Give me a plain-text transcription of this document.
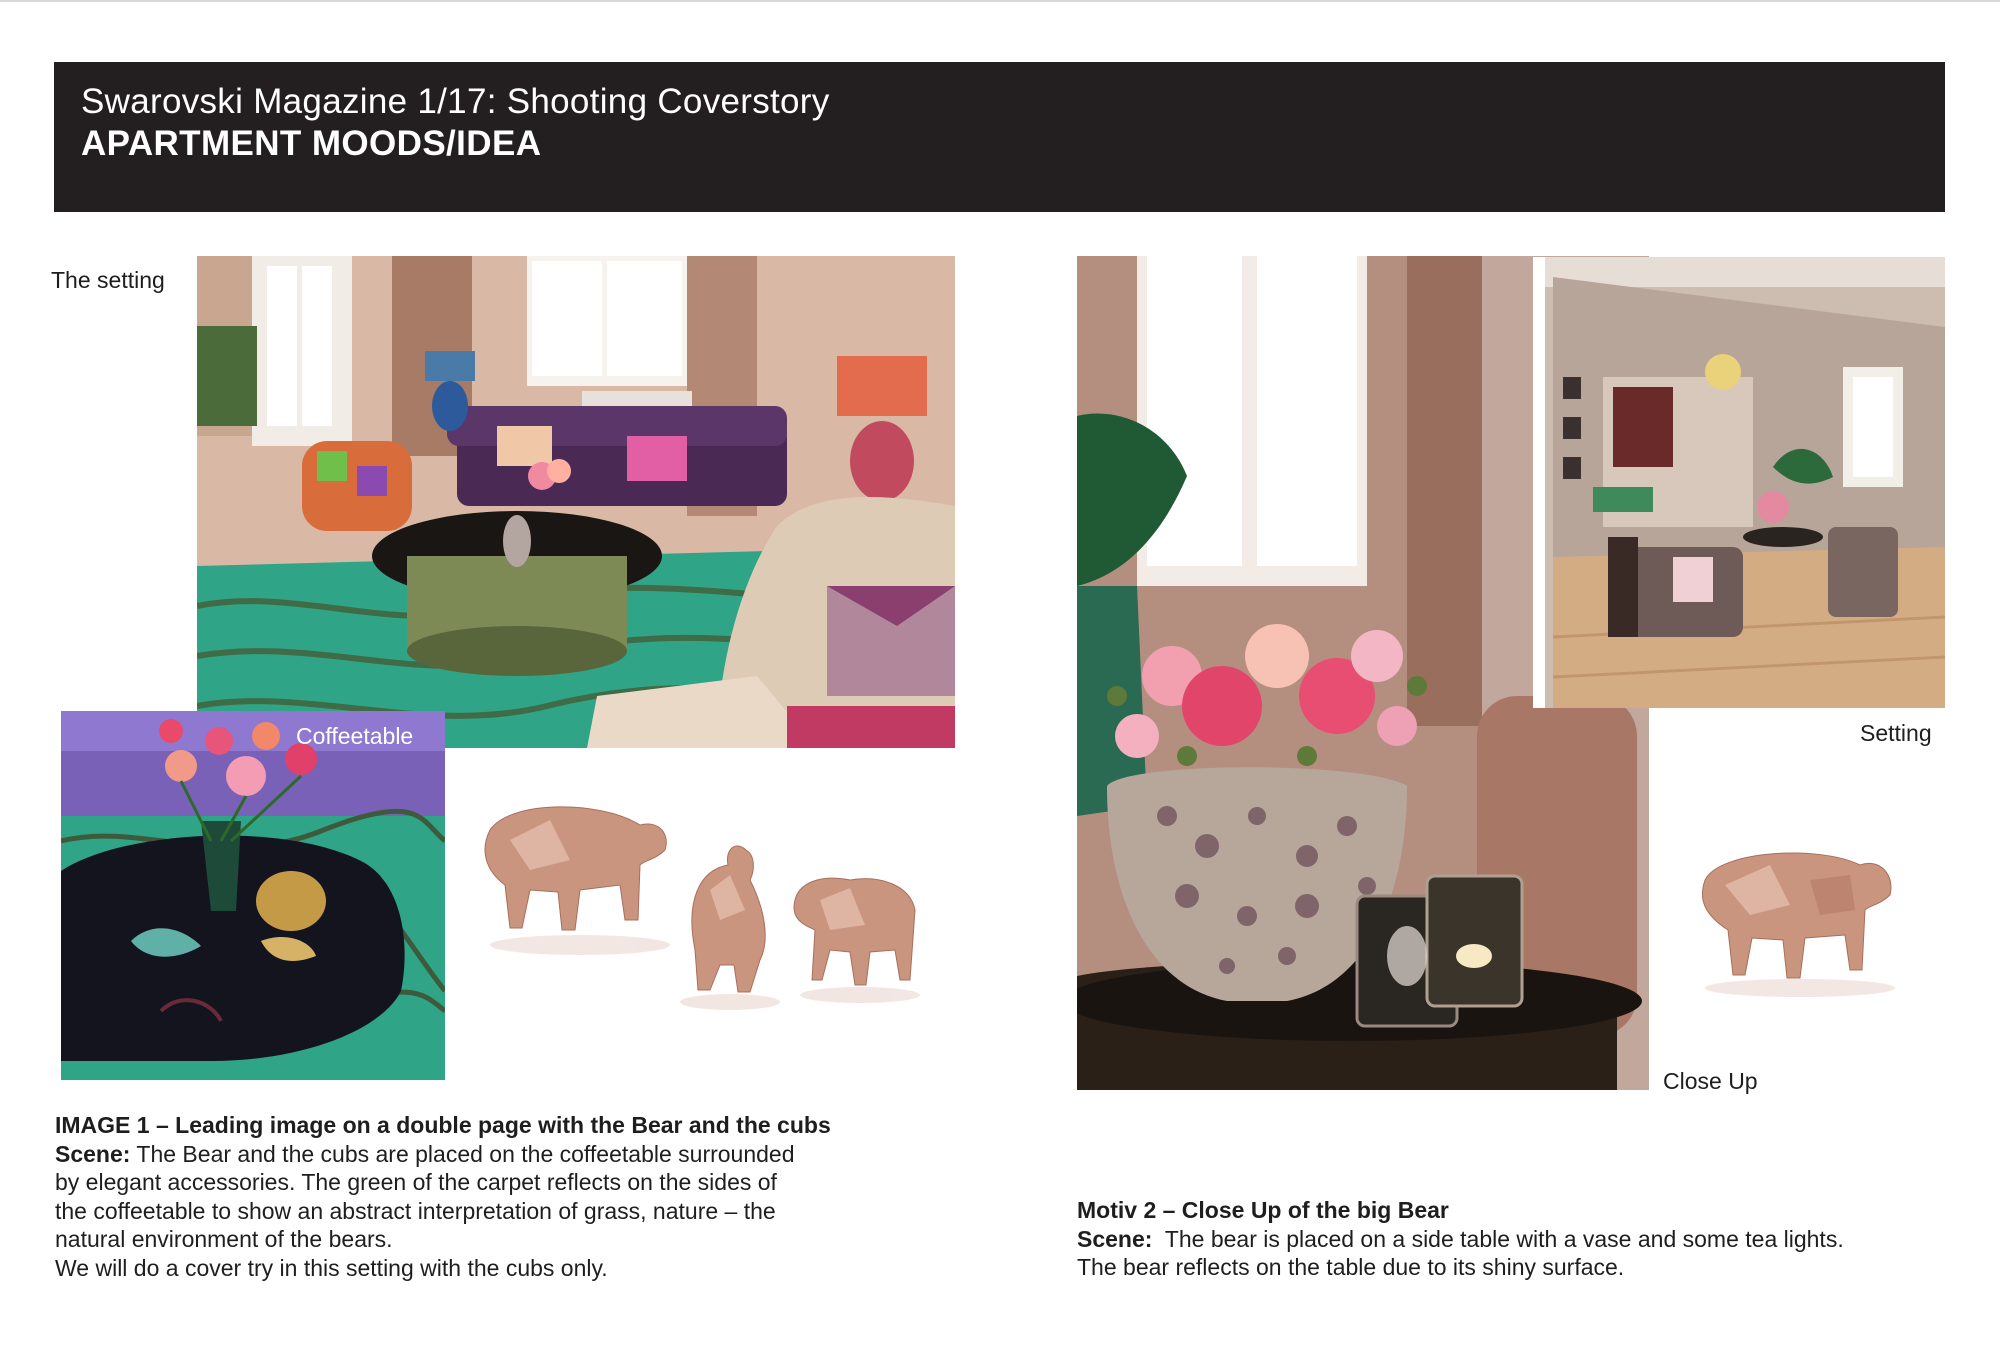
Swarovski Magazine 1/17: Shooting Coverstory
APARTMENT MOODS/IDEA
The setting
Coffeetable	Setting
Close Up
IMAGE 1 – Leading image on a double page with the Bear and the cubs
Scene: The Bear and the cubs are placed on the coffeetable surrounded
by elegant accessories. The green of the carpet reflects on the sides of
the coffeetable to show an abstract interpretation of grass, nature – the
natural environment of the bears.
We will do a cover try in this setting with the cubs only.
Motiv 2 – Close Up of the big Bear
Scene:  The bear is placed on a side table with a vase and some tea lights.
The bear reflects on the table due to its shiny surface.
